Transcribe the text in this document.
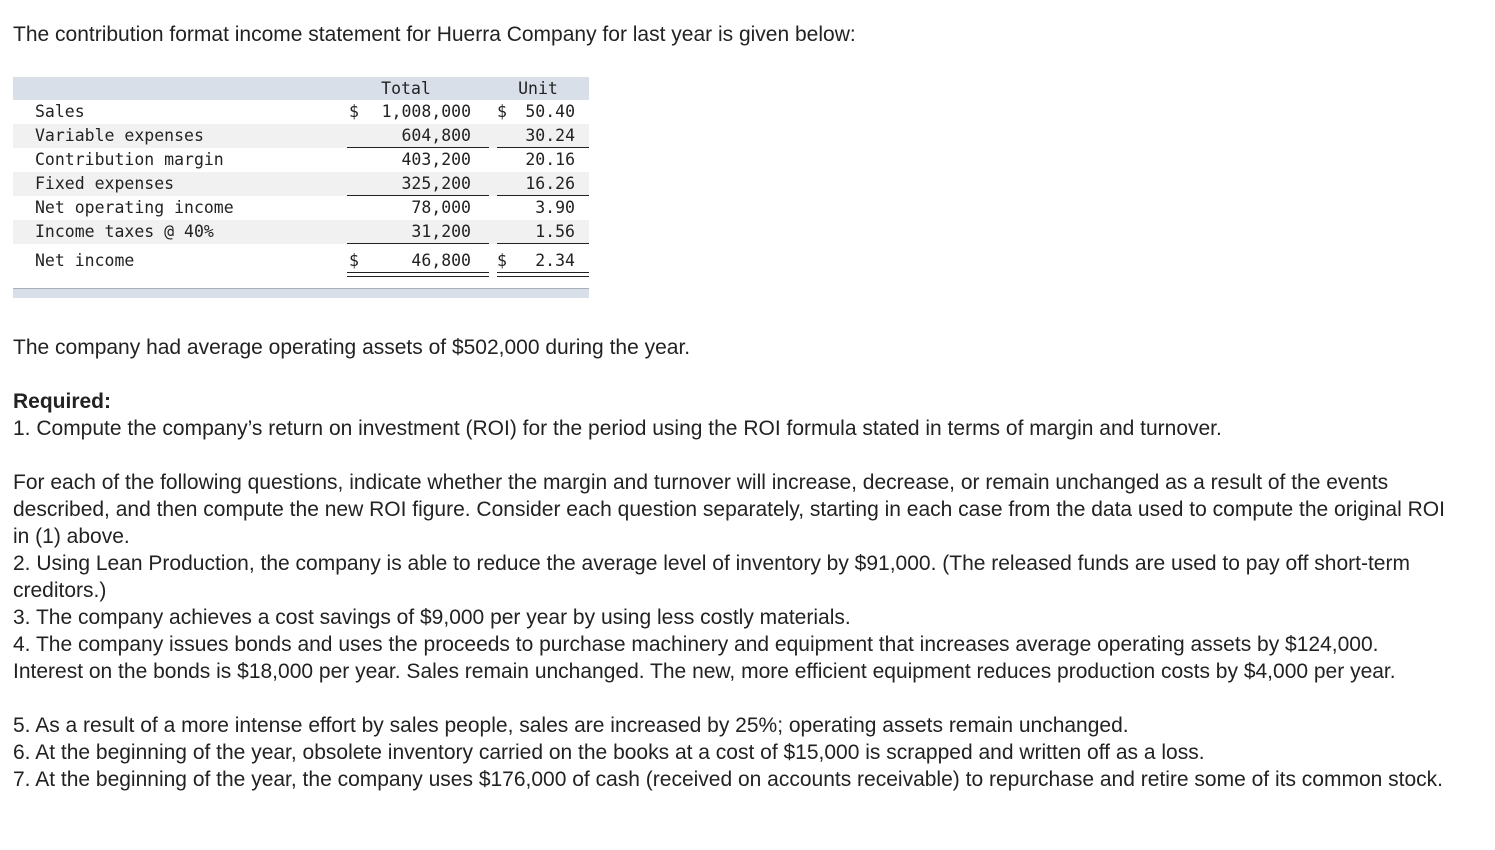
The contribution format income statement for Huerra Company for last year is given below:

Total	Unit
Sales	$	1,008,000 $	50.40
Variable expenses	604,800	30.24
Contribution margin	403,200	20.16
Fixed expenses	325,200	16.26
Net operating income	78,000	3.90
Income taxes @ 40%	31,200	1.56
Net income	$	46,800 $	2.34

The company had average operating assets of $502,000 during the year.

Required:

1. Compute the company’s return on investment (ROI) for the period using the ROI formula stated in terms of margin and turnover.

For each of the following questions, indicate whether the margin and turnover will increase, decrease, or remain unchanged as a result of the events described, and then compute the new ROI figure. Consider each question separately, starting in each case from the data used to compute the original ROI in (1) above.

2. Using Lean Production, the company is able to reduce the average level of inventory by $91,000. (The released funds are used to pay off short-term creditors.)

3. The company achieves a cost savings of $9,000 per year by using less costly materials.

4. The company issues bonds and uses the proceeds to purchase machinery and equipment that increases average operating assets by $124,000. Interest on the bonds is $18,000 per year. Sales remain unchanged. The new, more efficient equipment reduces production costs by $4,000 per year.

5. As a result of a more intense effort by sales people, sales are increased by 25%; operating assets remain unchanged.

6. At the beginning of the year, obsolete inventory carried on the books at a cost of $15,000 is scrapped and written off as a loss.

7. At the beginning of the year, the company uses $176,000 of cash (received on accounts receivable) to repurchase and retire some of its common stock.
